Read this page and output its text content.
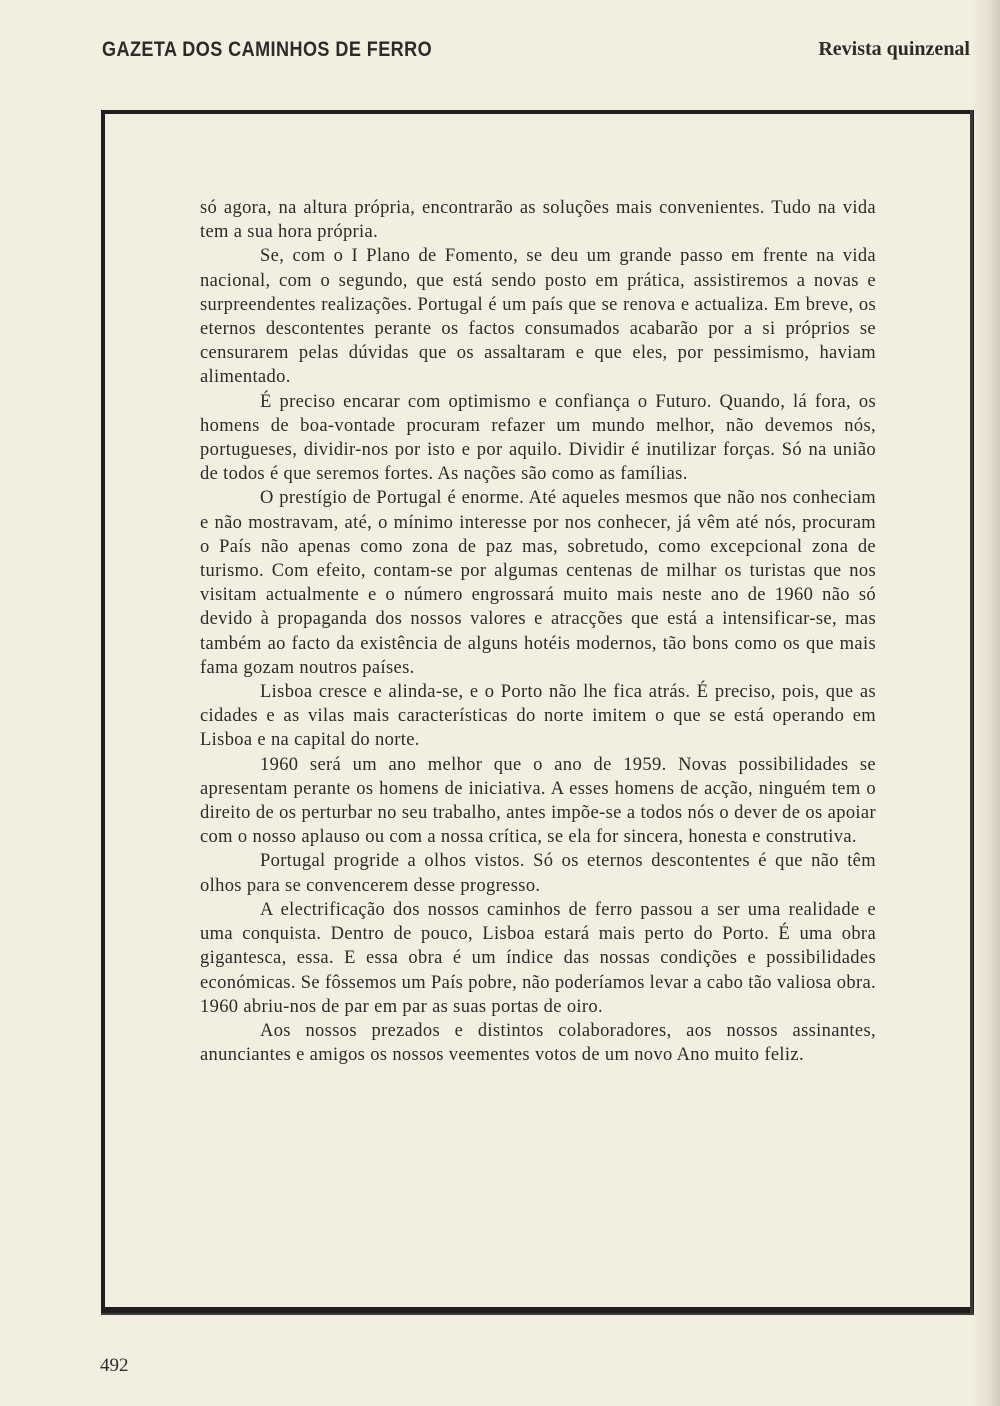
GAZETA DOS CAMINHOS DE FERRO	Revista quinzenal

só agora, na altura própria, encontrarão as soluções mais convenientes. Tudo na vida tem a sua hora própria.

Se, com o I Plano de Fomento, se deu um grande passo em frente na vida nacional, com o segundo, que está sendo posto em prática, assistiremos a novas e surpreendentes realizações. Portugal é um país que se renova e actualiza. Em breve, os eternos descontentes perante os factos consumados acabarão por a si próprios se censurarem pelas dúvidas que os assaltaram e que eles, por pessimismo, haviam alimentado.

É preciso encarar com optimismo e confiança o Futuro. Quando, lá fora, os homens de boa-vontade procuram refazer um mundo melhor, não devemos nós, portugueses, dividir-nos por isto e por aquilo. Dividir é inutilizar forças. Só na união de todos é que seremos fortes. As nações são como as famílias.

O prestígio de Portugal é enorme. Até aqueles mesmos que não nos conheciam e não mostravam, até, o mínimo interesse por nos conhecer, já vêm até nós, procuram o País não apenas como zona de paz mas, sobretudo, como excepcional zona de turismo. Com efeito, contam-se por algumas centenas de milhar os turistas que nos visitam actualmente e o número engrossará muito mais neste ano de 1960 não só devido à propaganda dos nossos valores e atracções que está a intensificar-se, mas também ao facto da existência de alguns hotéis modernos, tão bons como os que mais fama gozam noutros países.

Lisboa cresce e alinda-se, e o Porto não lhe fica atrás. É preciso, pois, que as cidades e as vilas mais características do norte imitem o que se está operando em Lisboa e na capital do norte.

1960 será um ano melhor que o ano de 1959. Novas possibilidades se apresentam perante os homens de iniciativa. A esses homens de acção, ninguém tem o direito de os perturbar no seu trabalho, antes impõe-se a todos nós o dever de os apoiar com o nosso aplauso ou com a nossa crítica, se ela for sincera, honesta e construtiva.

Portugal progride a olhos vistos. Só os eternos descontentes é que não têm olhos para se convencerem desse progresso.

A electrificação dos nossos caminhos de ferro passou a ser uma realidade e uma conquista. Dentro de pouco, Lisboa estará mais perto do Porto. É uma obra gigantesca, essa. E essa obra é um índice das nossas condições e possibilidades económicas. Se fôssemos um País pobre, não poderíamos levar a cabo tão valiosa obra. 1960 abriu-nos de par em par as suas portas de oiro.

Aos nossos prezados e distintos colaboradores, aos nossos assinantes, anunciantes e amigos os nossos veementes votos de um novo Ano muito feliz.

492
